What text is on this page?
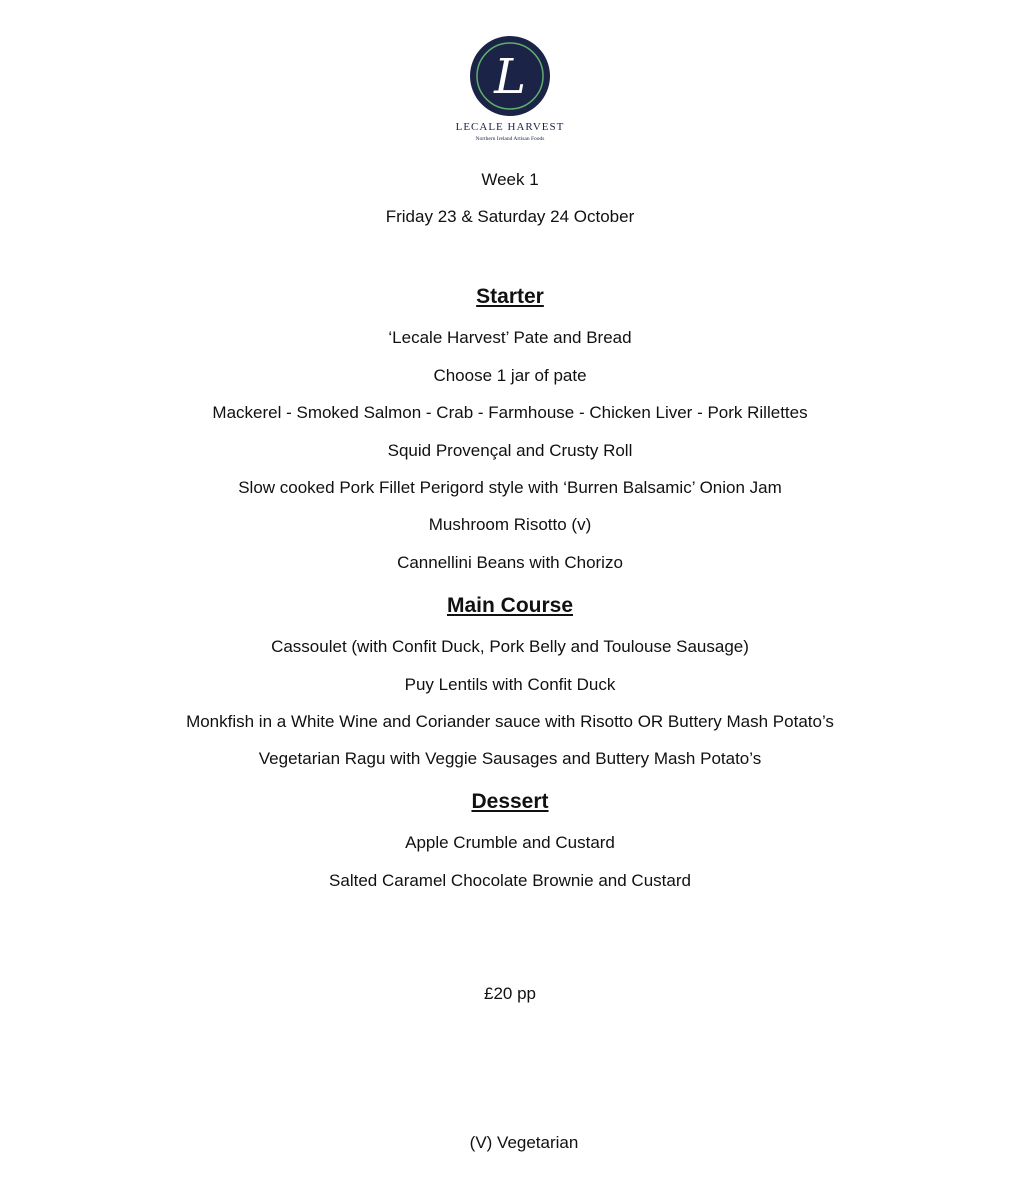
L
LECALE HARVEST
Northern Ireland Artisan Foods
Week 1
Friday 23 & Saturday 24 October
Starter
‘Lecale Harvest’ Pate and Bread
Choose 1 jar of pate
Mackerel - Smoked Salmon - Crab - Farmhouse - Chicken Liver - Pork Rillettes
Squid Provençal and Crusty Roll
Slow cooked Pork Fillet Perigord style with ‘Burren Balsamic’ Onion Jam
Mushroom Risotto (v)
Cannellini Beans with Chorizo
Main Course
Cassoulet (with Confit Duck, Pork Belly and Toulouse Sausage)
Puy Lentils with Confit Duck
Monkfish in a White Wine and Coriander sauce with Risotto OR Buttery Mash Potato’s
Vegetarian Ragu with Veggie Sausages and Buttery Mash Potato’s
Dessert
Apple Crumble and Custard
Salted Caramel Chocolate Brownie and Custard
£20 pp
(V) Vegetarian
